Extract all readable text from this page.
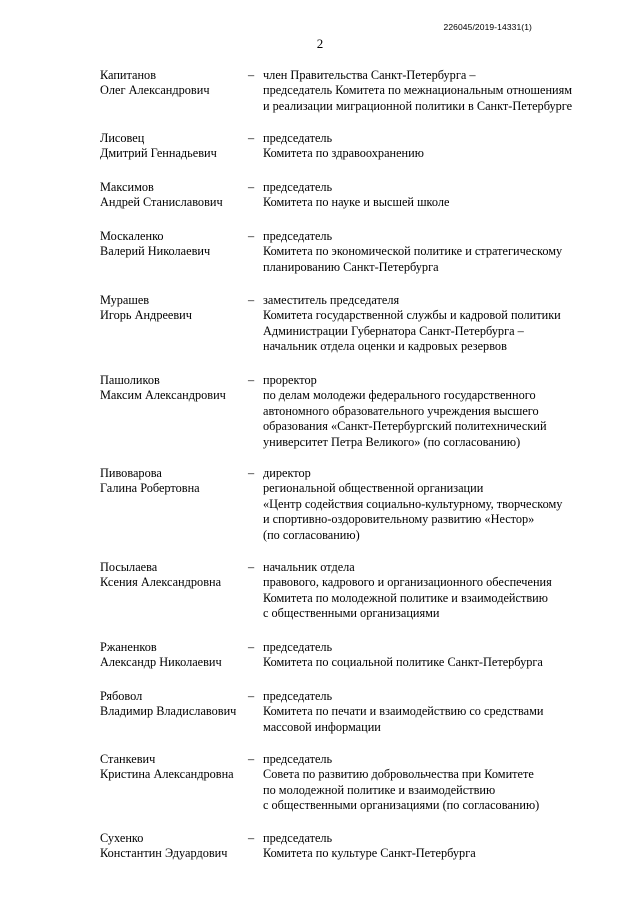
226045/2019-14331(1)
2
Капитанов
Олег Александрович
– член Правительства Санкт-Петербурга –
председатель Комитета по межнациональным отношениям
и реализации миграционной политики в Санкт-Петербурге
Лисовец
Дмитрий Геннадьевич
– председатель
Комитета по здравоохранению
Максимов
Андрей Станиславович
– председатель
Комитета по науке и высшей школе
Москаленко
Валерий Николаевич
– председатель
Комитета по экономической политике и стратегическому
планированию Санкт-Петербурга
Мурашев
Игорь Андреевич
– заместитель председателя
Комитета государственной службы и кадровой политики
Администрации Губернатора Санкт-Петербурга –
начальник отдела оценки и кадровых резервов
Пашоликов
Максим Александрович
– проректор
по делам молодежи федерального государственного
автономного образовательного учреждения высшего
образования «Санкт-Петербургский политехнический
университет Петра Великого» (по согласованию)
Пивоварова
Галина Робертовна
– директор
региональной общественной организации
«Центр содействия социально-культурному, творческому
и спортивно-оздоровительному развитию «Нестор»
(по согласованию)
Посылаева
Ксения Александровна
– начальник отдела
правового, кадрового и организационного обеспечения
Комитета по молодежной политике и взаимодействию
с общественными организациями
Ржаненков
Александр Николаевич
– председатель
Комитета по социальной политике Санкт-Петербурга
Рябовол
Владимир Владиславович
– председатель
Комитета по печати и взаимодействию со средствами
массовой информации
Станкевич
Кристина Александровна
– председатель
Совета по развитию добровольчества при Комитете
по молодежной политике и взаимодействию
с общественными организациями (по согласованию)
Сухенко
Константин Эдуардович
– председатель
Комитета по культуре Санкт-Петербурга
